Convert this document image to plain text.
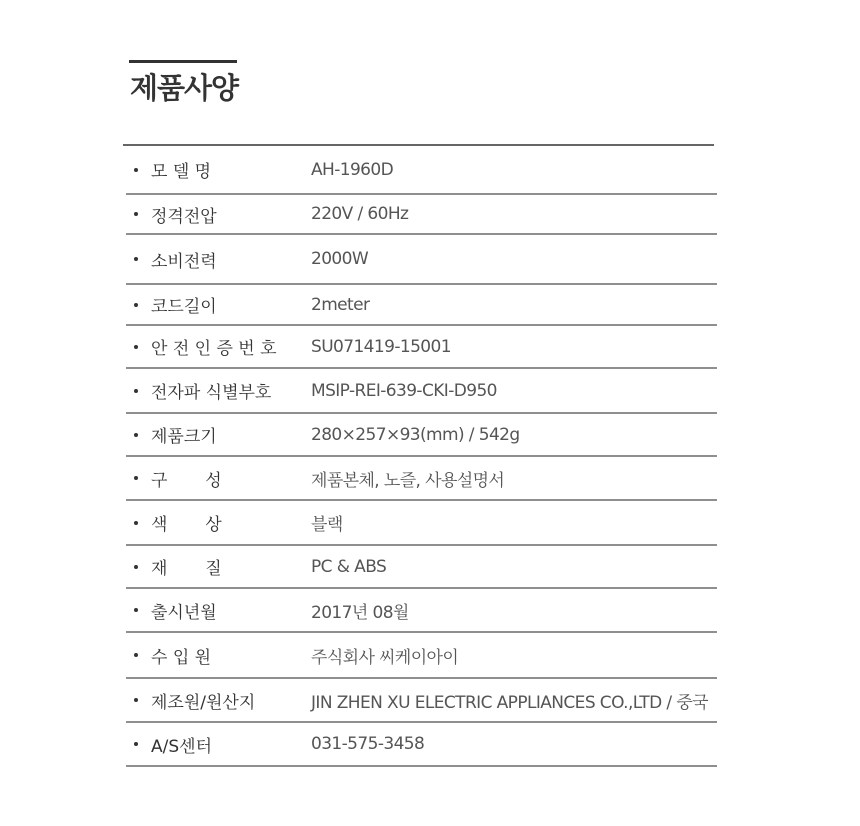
제품사양
모 델 명	AH-1960D
정격전압	220V / 60Hz
소비전력	2000W
코드길이	2meter
안 전 인 증 번 호 SU071419-15001
전자파 식별부호 MSIP-REI-639-CKI-D950
제품크기	280×257×93(mm) / 542g
구       성	제품본체, 노즐, 사용설명서
색       상	블랙
재       질	PC & ABS
출시년월	2017년 08월
수 입 원	주식회사 씨케이아이
제조원/원산지	JIN ZHEN XU ELECTRIC APPLIANCES CO.,LTD / 중국
A/S센터	031-575-3458
